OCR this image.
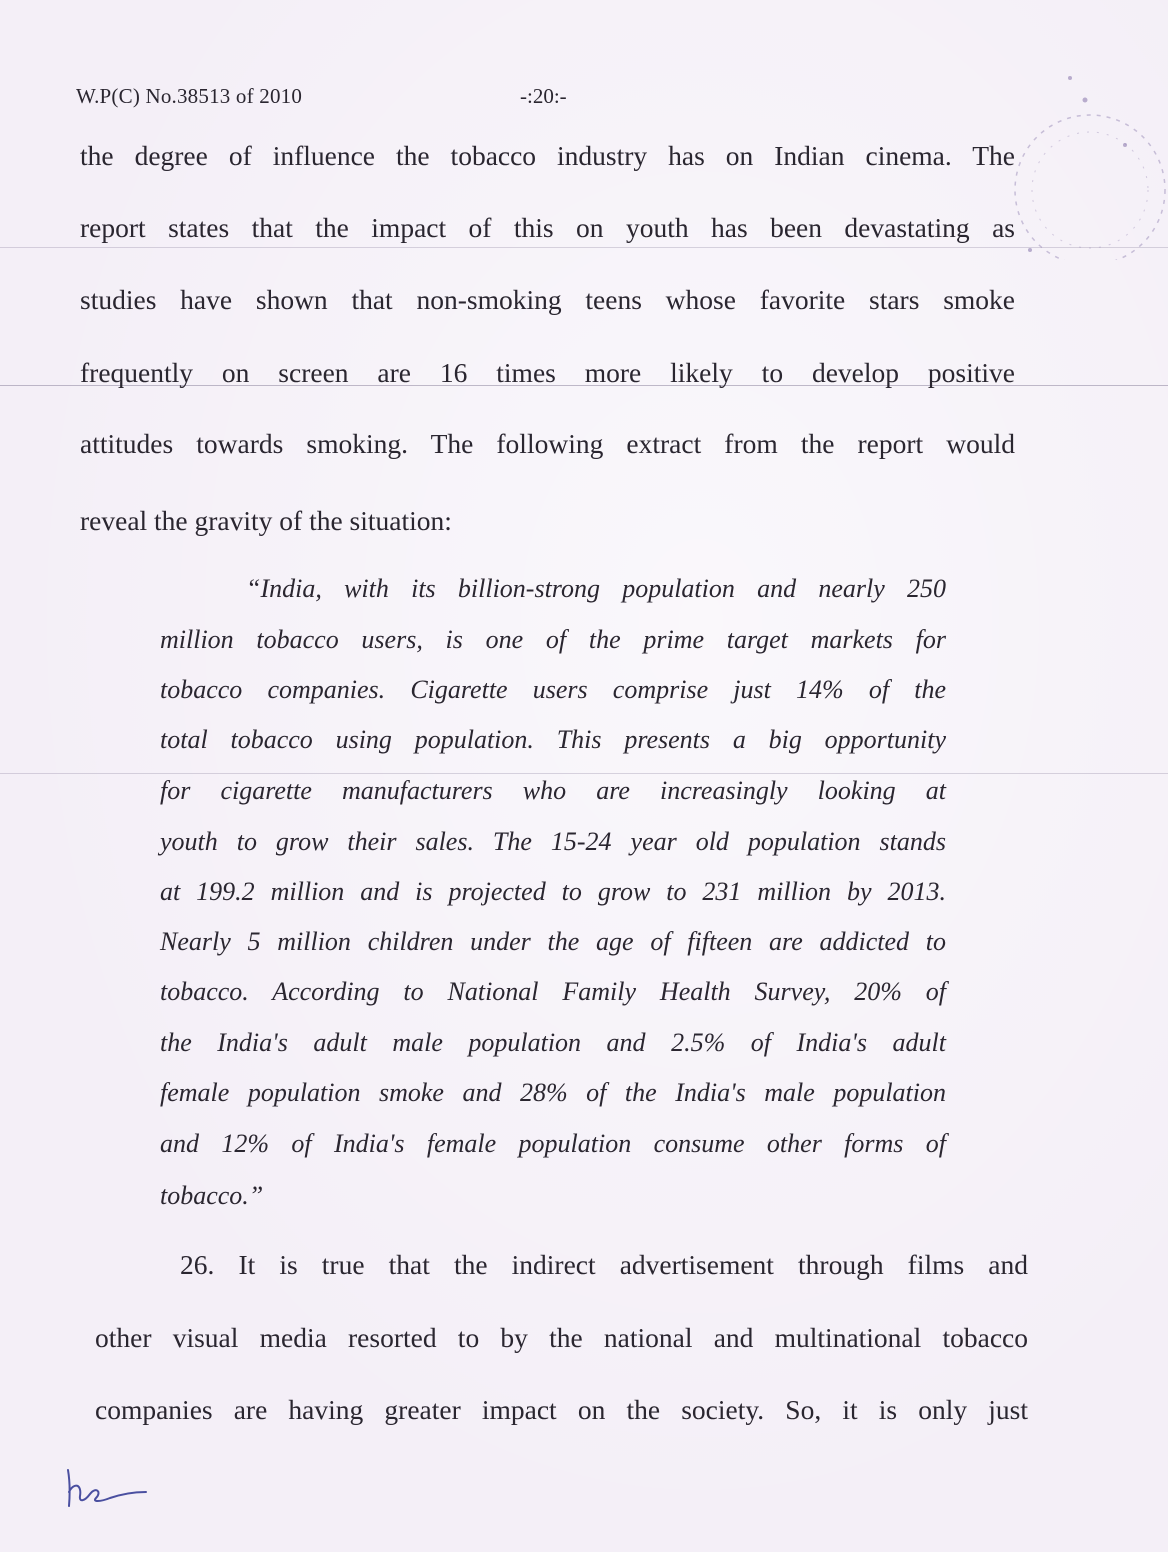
W.P(C) No.38513 of 2010	-:20:-
the degree of influence the tobacco industry has on Indian cinema. The
report states that the impact of this on youth has been devastating as
studies have shown that non-smoking teens whose favorite stars smoke
frequently on screen are 16 times more likely to develop positive
attitudes towards smoking. The following extract from the report would
reveal the gravity of the situation:
“India, with its billion-strong population and nearly 250
million tobacco users, is one of the prime target markets for
tobacco companies. Cigarette users comprise just 14% of the
total tobacco using population. This presents a big opportunity
for cigarette manufacturers who are increasingly looking at
youth to grow their sales. The 15-24 year old population stands
at 199.2 million and is projected to grow to 231 million by 2013.
Nearly 5 million children under the age of fifteen are addicted to
tobacco. According to National Family Health Survey, 20% of
the India's adult male population and 2.5% of India's adult
female population smoke and 28% of the India's male population
and 12% of India's female population consume other forms of
tobacco.”
26. It is true that the indirect advertisement through films and
other visual media resorted to by the national and multinational tobacco
companies are having greater impact on the society. So, it is only just
